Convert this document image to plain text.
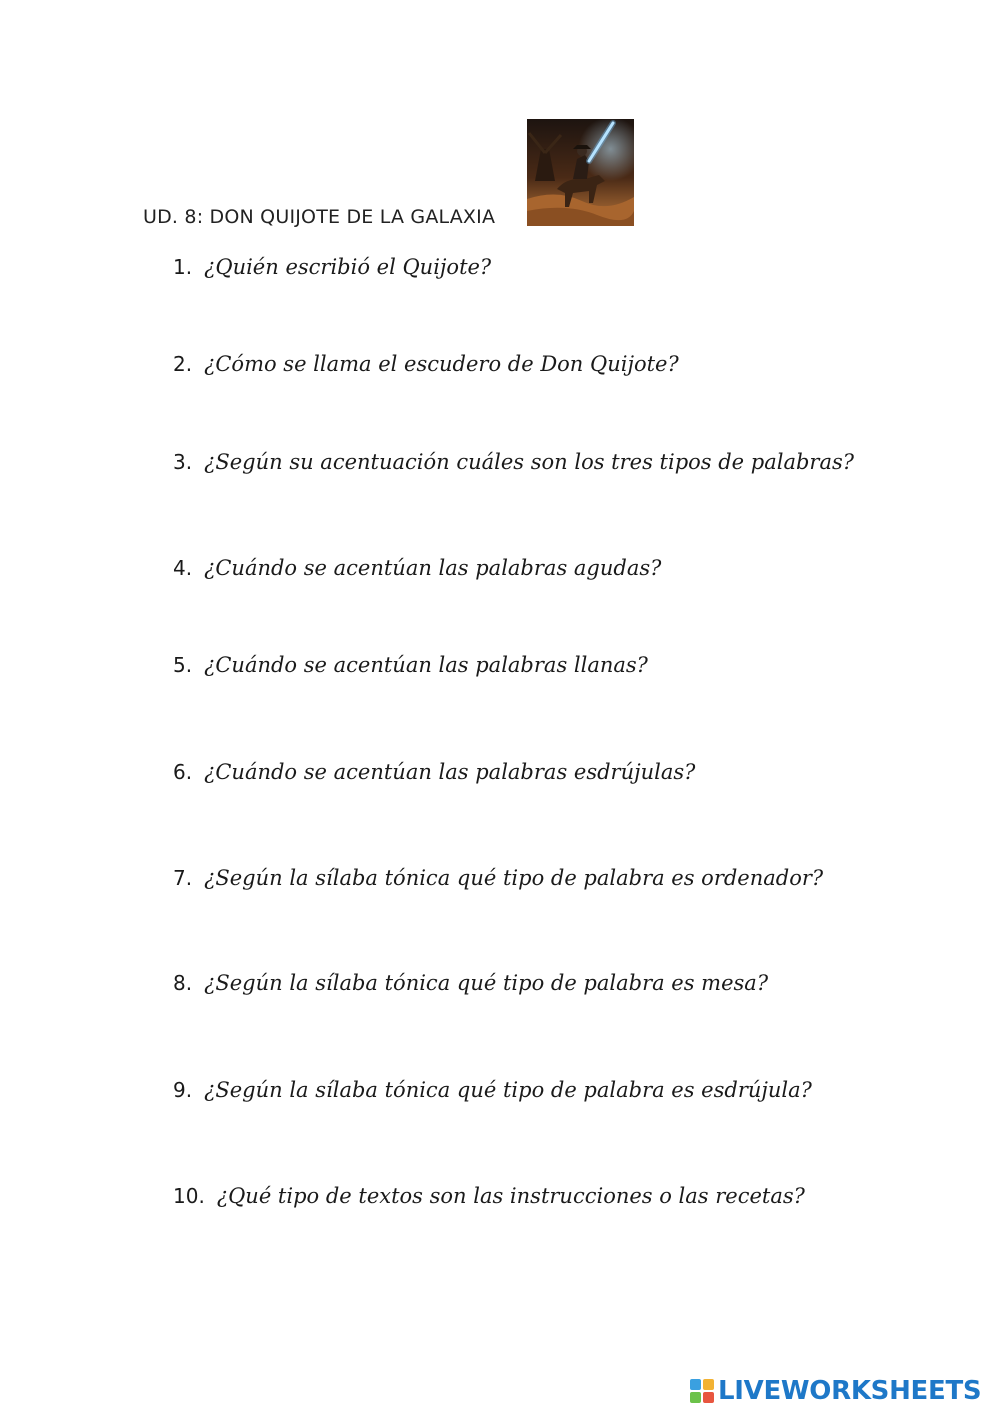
UD. 8: DON QUIJOTE DE LA GALAXIA
1. ¿Quién escribió el Quijote?
2. ¿Cómo se llama el escudero de Don Quijote?
3. ¿Según su acentuación cuáles son los tres tipos de palabras?
4. ¿Cuándo se acentúan las palabras agudas?
5. ¿Cuándo se acentúan las palabras llanas?
6. ¿Cuándo se acentúan las palabras esdrújulas?
7. ¿Según la sílaba tónica qué tipo de palabra es ordenador?
8. ¿Según la sílaba tónica qué tipo de palabra es mesa?
9. ¿Según la sílaba tónica qué tipo de palabra es esdrújula?
10. ¿Qué tipo de textos son las instrucciones o las recetas?
LIVEWORKSHEETS
